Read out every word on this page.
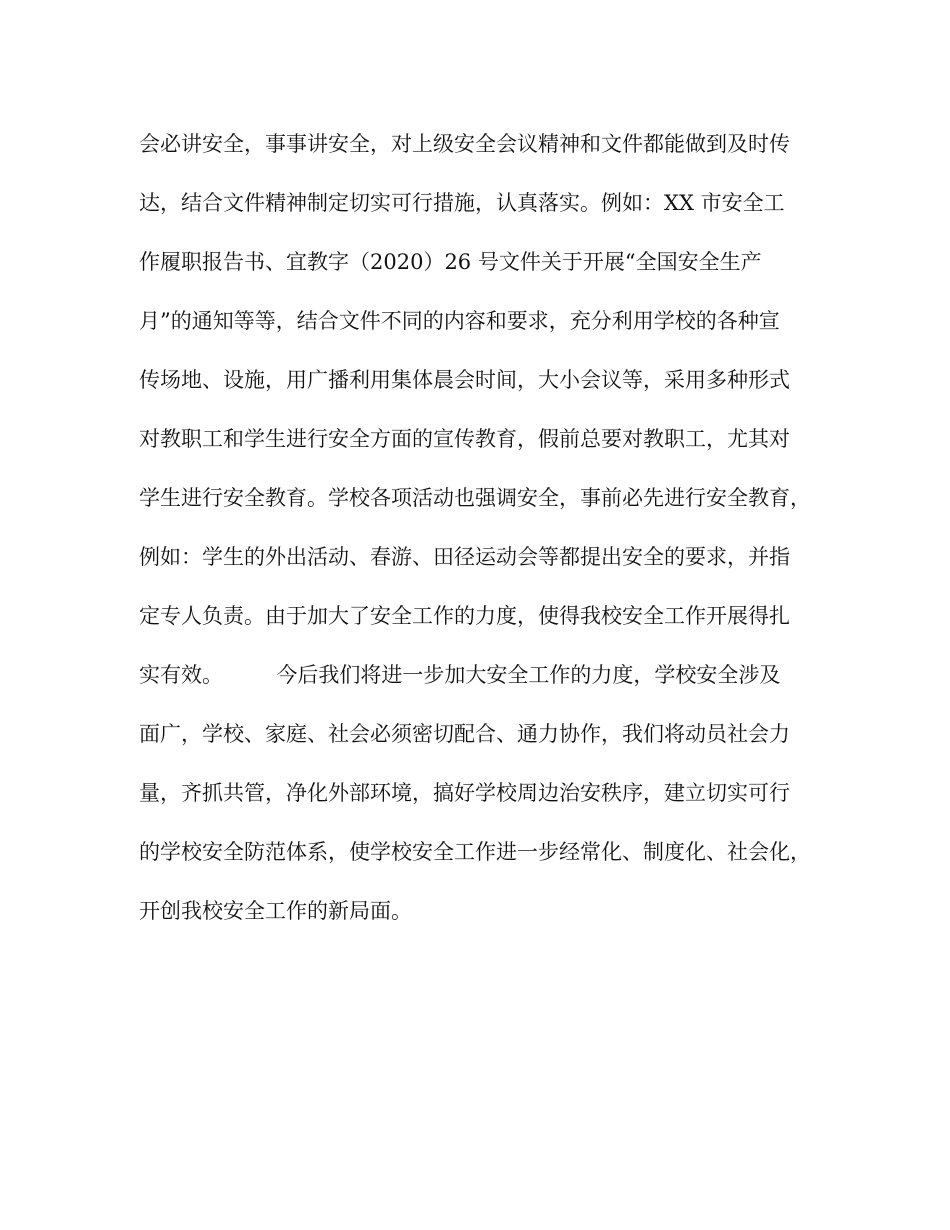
会必讲安全，事事讲安全，对上级安全会议精神和文件都能做到及时传
达，结合文件精神制定切实可行措施，认真落实。例如：XX 市安全工
作履职报告书、宜教字（2020）26 号文件关于开展“全国安全生产
月”的通知等等，结合文件不同的内容和要求，充分利用学校的各种宣
传场地、设施，用广播利用集体晨会时间，大小会议等，采用多种形式
对教职工和学生进行安全方面的宣传教育，假前总要对教职工，尤其对
学生进行安全教育。学校各项活动也强调安全，事前必先进行安全教育，
例如：学生的外出活动、春游、田径运动会等都提出安全的要求，并指
定专人负责。由于加大了安全工作的力度，使得我校安全工作开展得扎
实有效。        今后我们将进一步加大安全工作的力度，学校安全涉及
面广，学校、家庭、社会必须密切配合、通力协作，我们将动员社会力
量，齐抓共管，净化外部环境，搞好学校周边治安秩序，建立切实可行
的学校安全防范体系，使学校安全工作进一步经常化、制度化、社会化，
开创我校安全工作的新局面。
